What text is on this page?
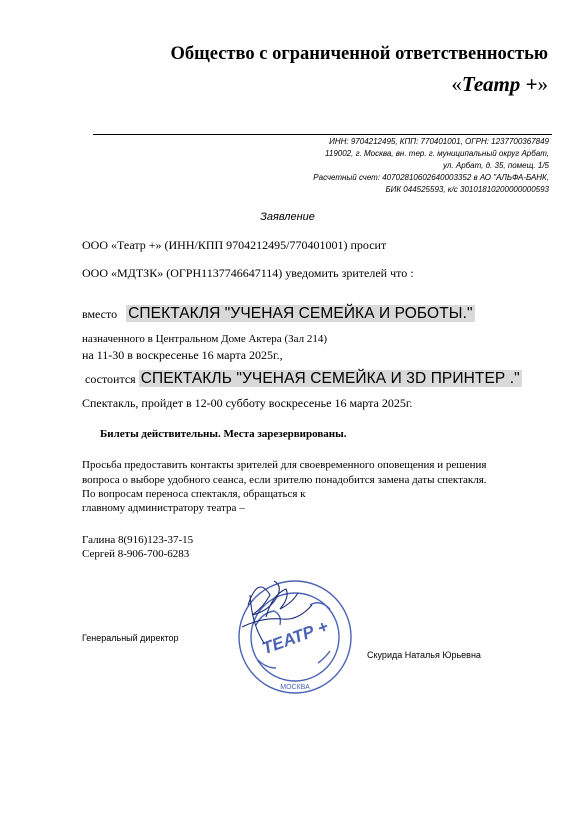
Общество с ограниченной ответственностью
«Театр +»
ИНН: 9704212495, КПП: 770401001, ОГРН: 1237700367849
119002, г. Москва, вн. тер. г. муниципальный округ Арбат,
ул. Арбат, д. 35, помещ. 1/5
Расчетный счет: 40702810602640003352 в АО "АЛЬФА-БАНК,
БИК 044525593, к/с 30101810200000000593
Заявление
ООО «Театр +» (ИНН/КПП 9704212495/770401001) просит
ООО «МДТЗК» (ОГРН1137746647114) уведомить зрителей что :
вместо СПЕКТАКЛЯ "УЧЕНАЯ СЕМЕЙКА И РОБОТЫ."
назначенного в Центральном Доме Актера (Зал 214)
на 11-30 в воскресенье 16 марта 2025г.,
состоится СПЕКТАКЛЬ "УЧЕНАЯ СЕМЕЙКА И 3D ПРИНТЕР ."
Спектакль, пройдет в 12-00 субботу воскресенье 16 марта 2025г.
Билеты действительны. Места зарезервированы.
Просьба предоставить контакты зрителей для своевременного оповещения и решения
вопроса о выборе удобного сеанса, если зрителю понадобится замена даты спектакля.
По вопросам переноса спектакля, обращаться к
главному администратору театра –
Галина 8(916)123-37-15
Сергей 8-906-700-6283
Генеральный директор
Скурида Наталья Юрьевна
ТЕАТР +
МОСКВА
